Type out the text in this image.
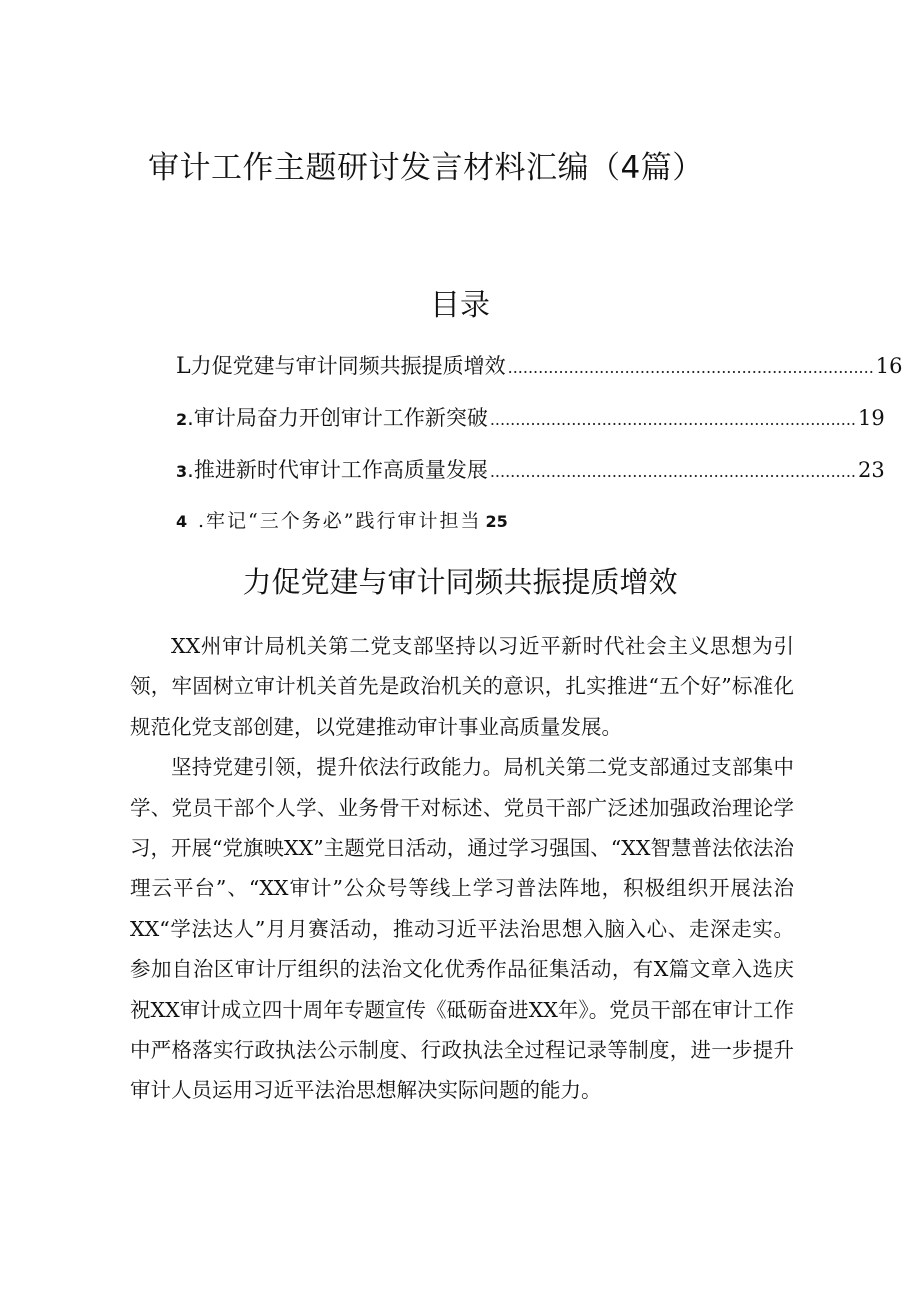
审计工作主题研讨发言材料汇编（4篇）
目录
L 力促党建与审计同频共振提质增效 ........................................................................ 16
2 .审计局奋力开创审计工作新突破 ........................................................................ 19
3 .推进新时代审计工作高质量发展 ........................................................................ 23
4 .牢记“三个务必”践行审计担当 25
力促党建与审计同频共振提质增效

XX州审计局机关第二党支部坚持以习近平新时代社会主义思想为引领，牢固树立审计机关首先是政治机关的意识，扎实推进“五个好”标准化规范化党支部创建，以党建推动审计事业高质量发展。

坚持党建引领，提升依法行政能力。局机关第二党支部通过支部集中学、党员干部个人学、业务骨干对标述、党员干部广泛述加强政治理论学习，开展“党旗映XX”主题党日活动，通过学习强国、“XX智慧普法依法治理云平台”、“XX审计”公众号等线上学习普法阵地，积极组织开展法治XX“学法达人”月月赛活动，推动习近平法治思想入脑入心、走深走实。参加自治区审计厅组织的法治文化优秀作品征集活动，有X篇文章入选庆祝XX审计成立四十周年专题宣传《砥砺奋进XX年》。党员干部在审计工作中严格落实行政执法公示制度、行政执法全过程记录等制度，进一步提升审计人员运用习近平法治思想解决实际问题的能力。
